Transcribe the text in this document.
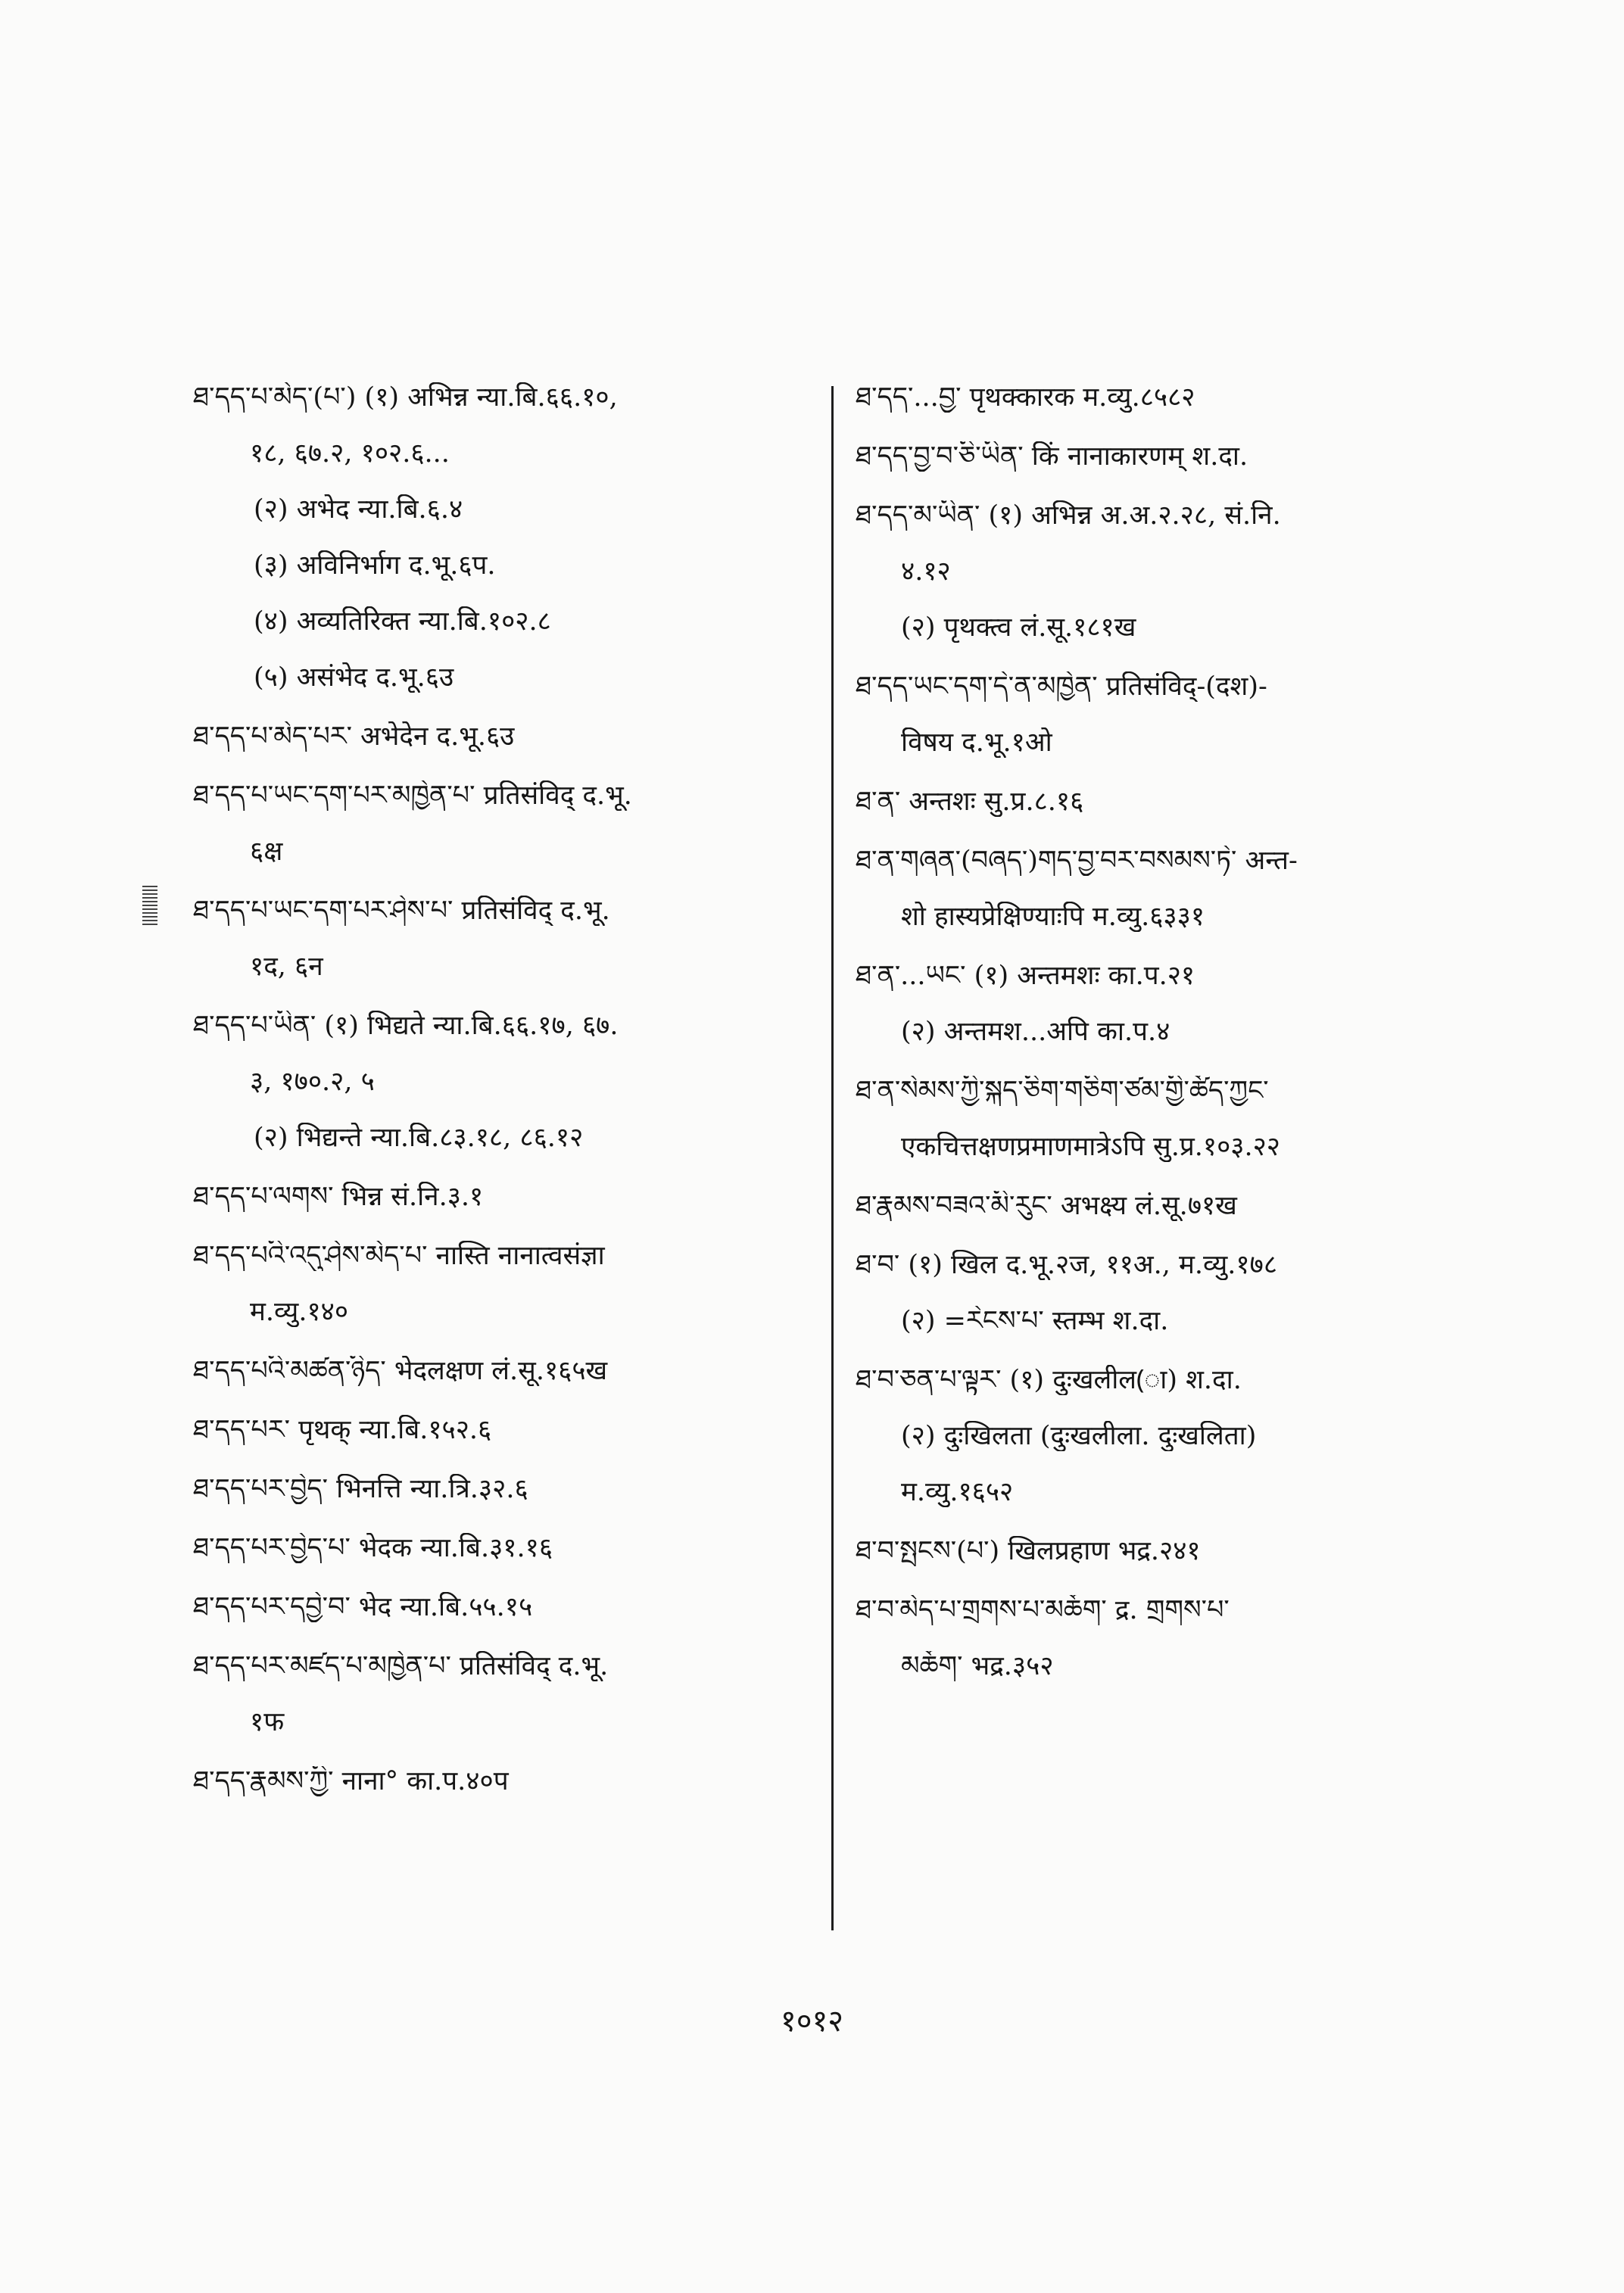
ཐ་དད་པ་མེད་(པ་) (१) अभिन्न न्या.बि.६६.१०,
१८, ६७.२, १०२.६...
(२) अभेद न्या.बि.६.४
(३) अविनिर्भाग द.भू.६प.
(४) अव्यतिरिक्त न्या.बि.१०२.८
(५) असंभेद द.भू.६उ
ཐ་དད་པ་མེད་པར་ अभेदेन द.भू.६उ
ཐ་དད་པ་ཡང་དག་པར་མཁྱེན་པ་ प्रतिसंविद् द.भू.
६क्ष
ཐ་དད་པ་ཡང་དག་པར་ཤེས་པ་ प्रतिसंविद् द.भू.
१द, ६न
ཐ་དད་པ་ཡིན་ (१) भिद्यते न्या.बि.६६.१७, ६७.
३, १७०.२, ५
(२) भिद्यन्ते न्या.बि.८३.१८, ८६.१२
ཐ་དད་པ་ལགས་ भिन्न सं.नि.३.१
ཐ་དད་པའི་འདུ་ཤེས་མེད་པ་ नास्ति नानात्वसंज्ञा
म.व्यु.१४०
ཐ་དད་པའི་མཚན་ཉིད་ भेदलक्षण लं.सू.१६५ख
ཐ་དད་པར་ पृथक् न्या.बि.१५२.६
ཐ་དད་པར་བྱེད་ भिनत्ति न्या.त्रि.३२.६
ཐ་དད་པར་བྱེད་པ་ भेदक न्या.बि.३१.१६
ཐ་དད་པར་དབྱེ་བ་ भेद न्या.बि.५५.१५
ཐ་དད་པར་མཛད་པ་མཁྱེན་པ་ प्रतिसंविद् द.भू.
१फ
ཐ་དད་རྣམས་ཀྱི་ नाना° का.प.४०प
ཐ་དད་...བྱ་ पृथक्कारक म.व्यु.८५८२
ཐ་དད་བྱ་བ་ཅི་ཡིན་ किं नानाकारणम् श.दा.
ཐ་དད་མ་ཡིན་ (१) अभिन्न अ.अ.२.२८, सं.नि.
४.१२
(२) पृथक्त्व लं.सू.१८१ख
ཐ་དད་ཡང་དག་དེ་ན་མཁྱེན་ प्रतिसंविद्-(दश)-
विषय द.भू.१ओ
ཐ་ན་ अन्तशः सु.प्र.८.१६
ཐ་ན་གཞན་(བཞད་)གད་བྱ་བར་བསམས་ཏེ་ अन्त-
शो हास्यप्रेक्षिण्याःपि म.व्यु.६३३१
ཐ་ན་...ཡང་ (१) अन्तमशः का.प.२१
(२) अन्तमश...अपि का.प.४
ཐ་ན་སེམས་ཀྱི་སྐད་ཅིག་གཅིག་ཙམ་གྱི་ཚོད་ཀྱང་
एकचित्तक्षणप्रमाणमात्रेऽपि सु.प्र.१०३.२२
ཐ་རྣམས་བཟའ་མི་རུང་ अभक्ष्य लं.सू.७१ख
ཐ་བ་ (१) खिल द.भू.२ज, ११अ., म.व्यु.१७८
(२) =རེངས་པ་ स्तम्भ श.दा.
ཐ་བ་ཅན་པ་ལྟར་ (१) दुःखलील(ा) श.दा.
(२) दुःखिलता (दुःखलीला. दुःखलिता)
म.व्यु.१६५२
ཐ་བ་སྤངས་(པ་) खिलप्रहाण भद्र.२४१
ཐ་བ་མེད་པ་གྲགས་པ་མཆོག་ द्र. གྲགས་པ་
མཆོག་ भद्र.३५२
१०१२
